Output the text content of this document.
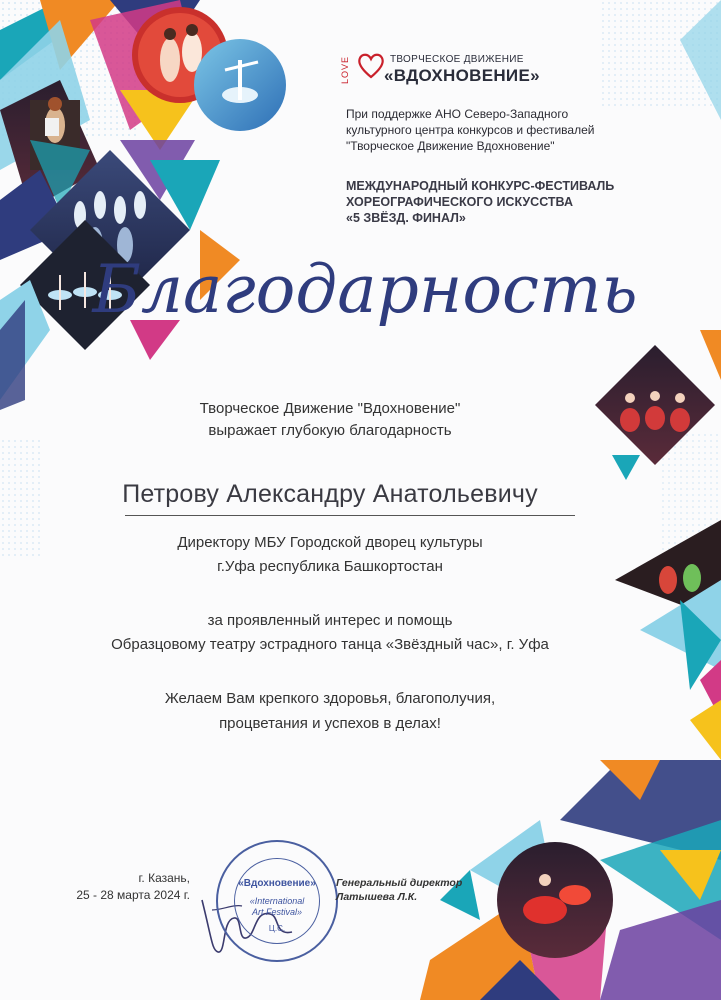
LOVE	ТВОРЧЕСКОЕ ДВИЖЕНИЕ
«ВДОХНОВЕНИЕ»
При поддержке АНО Северо-Западного
культурного центра конкурсов и фестивалей
"Творческое Движение Вдохновение"
МЕЖДУНАРОДНЫЙ КОНКУРС-ФЕСТИВАЛЬ
ХОРЕОГРАФИЧЕСКОГО ИСКУССТВА
«5 ЗВЁЗД. ФИНАЛ»
Благодарность
Творческое Движение "Вдохновение"
выражает глубокую благодарность
Петрову Александру Анатольевичу
Директору МБУ Городской дворец культуры
г.Уфа республика Башкортостан
за проявленный интерес и помощь
Образцовому театру эстрадного танца «Звёздный час», г. Уфа
Желаем Вам крепкого здоровья, благополучия,
процветания и успехов в делах!
г. Казань,
25 - 28 марта 2024 г.
«Вдохновение»
«International
Art Festival»
Ц.С.
Генеральный директор
Латышева Л.К.
